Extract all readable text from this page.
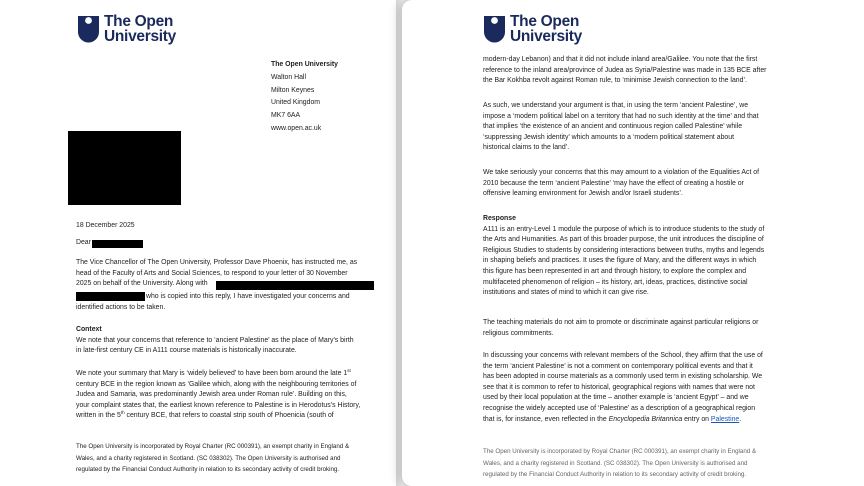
The Open
University
The Open University
Walton Hall
Milton Keynes
United Kingdom
MK7 6AA
www.open.ac.uk
18 December 2025
Dear

The Vice Chancellor of The Open University, Professor Dave Phoenix, has instructed me, as

head of the Faculty of Arts and Social Sciences, to respond to your letter of 30 November

2025 on behalf of the University. Along with

who is copied into this reply, I have investigated your concerns and
identified actions to be taken.
Context

We note that your concerns that reference to ‘ancient Palestine’ as the place of Mary’s birth

in late-first century CE in A111 course materials is historically inaccurate.

We note your summary that Mary is ‘widely believed’ to have been born around the late 1st

century BCE in the region known as ‘Galilee which, along with the neighbouring territories of

Judea and Samaria, was predominantly Jewish area under Roman rule’. Building on this,

your complaint states that, the earliest known reference to Palestine is in Herodotus’s History,

written in the 5th century BCE, that refers to coastal strip south of Phoenicia (south of

The Open University is incorporated by Royal Charter (RC 000391), an exempt charity in England &

Wales, and a charity registered in Scotland. (SC 038302). The Open University is authorised and

regulated by the Financial Conduct Authority in relation to its secondary activity of credit broking.

The Open
University

modern-day Lebanon) and that it did not include inland area/Galilee. You note that the first

reference to the inland area/province of Judea as Syria/Palestine was made in 135 BCE after

the Bar Kokhba revolt against Roman rule, to ‘minimise Jewish connection to the land’.

As such, we understand your argument is that, in using the term ‘ancient Palestine’, we

impose a ‘modern political label on a territory that had no such identity at the time’ and that

that implies ‘the existence of an ancient and continuous region called Palestine’ while

‘suppressing Jewish identity’ which amounts to a ‘modern political statement about

historical claims to the land’.

We take seriously your concerns that this may amount to a violation of the Equalities Act of

2010 because the term ‘ancient Palestine’ ‘may have the effect of creating a hostile or

offensive learning environment for Jewish and/or Israeli students’.

Response

A111 is an entry-Level 1 module the purpose of which is to introduce students to the study of

the Arts and Humanities. As part of this broader purpose, the unit introduces the discipline of

Religious Studies to students by considering interactions between truths, myths and legends

in shaping beliefs and practices. It uses the figure of Mary, and the different ways in which

this figure has been represented in art and through history, to explore the complex and

multifaceted phenomenon of religion – its history, art, ideas, practices, distinctive social

institutions and states of mind to which it can give rise.

The teaching materials do not aim to promote or discriminate against particular religions or

religious commitments.

In discussing your concerns with relevant members of the School, they affirm that the use of

the term ‘ancient Palestine’ is not a comment on contemporary political events and that it

has been adopted in course materials as a commonly used term in existing scholarship. We

see that it is common to refer to historical, geographical regions with names that were not

used by their local population at the time – another example is ‘ancient Egypt’ – and we

recognise the widely accepted use of ‘Palestine’ as a description of a geographical region

that is, for instance, even reflected in the Encyclopedia Britannica entry on Palestine.

The Open University is incorporated by Royal Charter (RC 000391), an exempt charity in England &

Wales, and a charity registered in Scotland. (SC 038302). The Open University is authorised and

regulated by the Financial Conduct Authority in relation to its secondary activity of credit broking.
